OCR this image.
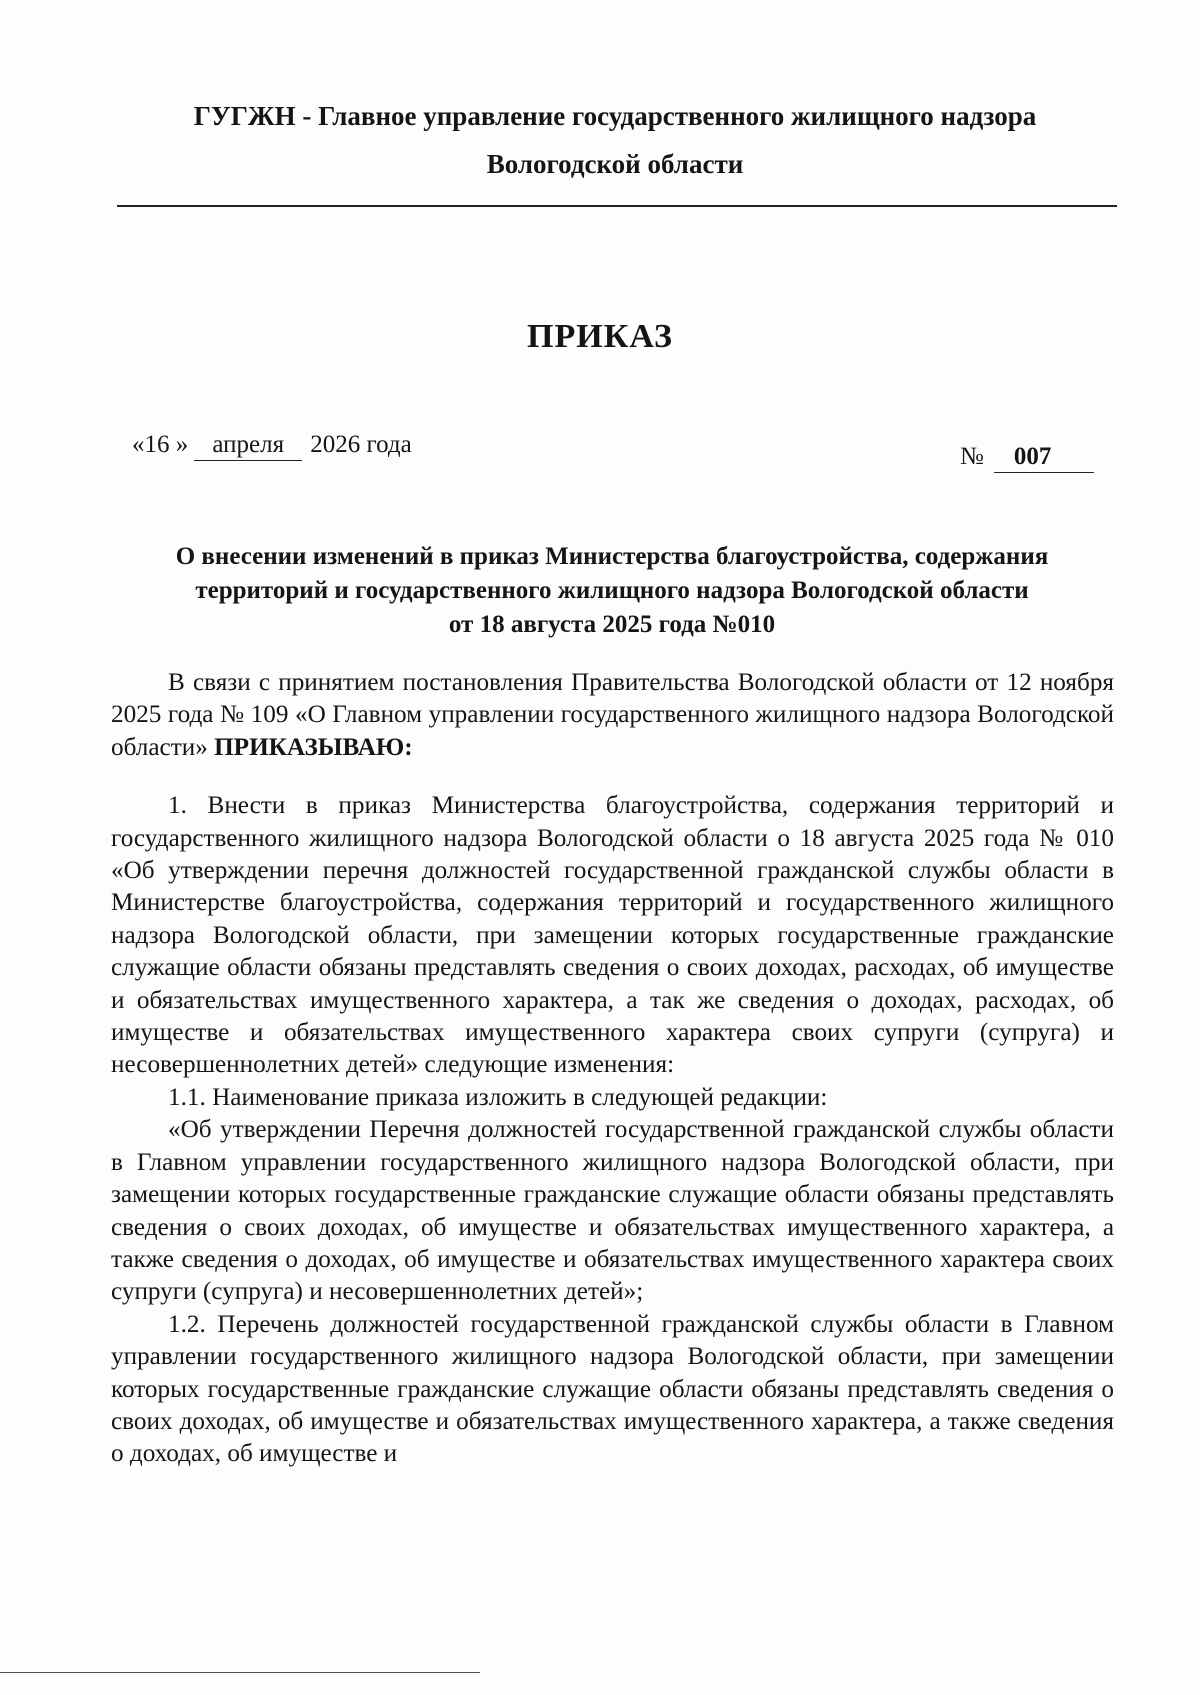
ГУГЖН - Главное управление государственного жилищного надзора
Вологодской области
ПРИКАЗ
«16 » апреля 2026 года	№ 007
О внесении изменений в приказ Министерства благоустройства, содержания
территорий и государственного жилищного надзора Вологодской области
от 18 августа 2025 года №010

В связи с принятием постановления Правительства Вологодской области от 12 ноября 2025 года № 109 «О Главном управлении государственного жилищного надзора Вологодской области» ПРИКАЗЫВАЮ:

1. Внести в приказ Министерства благоустройства, содержания территорий и государственного жилищного надзора Вологодской области о 18 августа 2025 года № 010 «Об утверждении перечня должностей государственной гражданской службы области в Министерстве благоустройства, содержания территорий и государственного жилищного надзора Вологодской области, при замещении которых государственные гражданские служащие области обязаны представлять сведения о своих доходах, расходах, об имуществе и обязательствах имущественного характера, а так же сведения о доходах, расходах, об имуществе и обязательствах имущественного характера своих супруги (супруга) и несовершеннолетних детей» следующие изменения:

1.1. Наименование приказа изложить в следующей редакции:

«Об утверждении Перечня должностей государственной гражданской службы области в Главном управлении государственного жилищного надзора Вологодской области, при замещении которых государственные гражданские служащие области обязаны представлять сведения о своих доходах, об имуществе и обязательствах имущественного характера, а также сведения о доходах, об имуществе и обязательствах имущественного характера своих супруги (супруга) и несовершеннолетних детей»;

1.2. Перечень должностей государственной гражданской службы области в Главном управлении государственного жилищного надзора Вологодской области, при замещении которых государственные гражданские служащие области обязаны представлять сведения о своих доходах, об имуществе и обязательствах имущественного характера, а также сведения о доходах, об имуществе и
